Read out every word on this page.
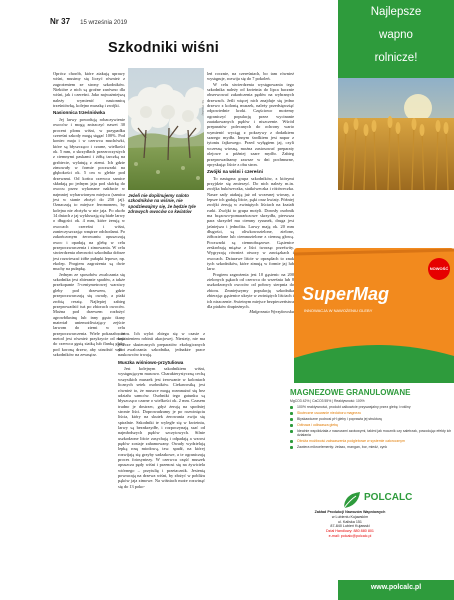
Nr 37 15 września 2019
Szkodniki wiśni

Oprócz chorób, które atakują uprawy wiśni, musimy się liczyć również z zagrożeniem ze strony szkodników. Niektóre z nich są groźne zarówno dla wiśni, jak i czereśni. Jako najważniejszą należy wymienić nasionnicę trześniówkę, kolejno muszkę i zwójki.

Nasionnica trześniówka

Jej larwy powodują robaczywienie owoców i mogą zniszczyć nawet 30 procent plonu wiśni, w przypadku czereśni szkody mogą sięgać 100%. Pod koniec maja i w czerwcu muchówki, które są błyszcząco i czarne, wielkości ok. 5 mm, o skrzydłach przezroczystych z ciemnymi paskami i żółtą tarczką na grzbiecie, wylatują z ziemi. Ich gdzie zimowały w formie poczwarki na głębokości ok. 5 cm w glebie pod drzewami. Od końca czerwca samice składają po jednym jaju pod skórkę do owocu przez wykonane nakłucie w najmniej wybarwionym miejscu (samica jest w stanie złożyć do 250 jaj). Oznaczają to miejsce feromonem, by kolejna nie złożyła w nie jaja. Po około 14 dniach z jaj wykluwają się białe larwy o długości ok. 4 mm, które żerują w owocach czereśni i wiśni, zanieczyszczając wnętrze odchodami. Po zakończonym żerowaniu opuszczają owoc i opadają na glebę w celu przepoczwarczenia i zimowania. W celu stwierdzenia obecności szkodnika dobrze jest rozwieszać żółte pułapki lepowe, np. ekolep. Progiem zagrożenia są dwie muchy na pułapkę.

Jednym ze sposobów zwalczania się szkodnika jest zbieranie spadów, a także przekopanie 5-centymetrowej warstwy gleby pod drzewem, gdzie przepoczwarczają się owady, a ptaki zrobią resztę. Najlepiej zabieg przeprowadzić tuż po zbiorach owoców. Można pod drzewem rozłożyć agrowłókninę lub inny gęsto tkany materiał uniemożliwiający zejście larwom do ziemi w celu przepoczwarczenia. Wiele pokazało, że metod jest również przykrycie od maja do czerwca gęstą siatką lub flanką gleby pod koroną drzew, aby utrudnić wylot szkodników na zewnątrz.

fot. Pixabay
Jeżeli nie dopilnujemy naloto szkodników na wiśnie, nie spodziewajmy się, że będzie tyle zdrowych owoców co kwiatów

wiatru. Ich wylot zbiega się w czasie z kwitnieniem robinii akacjowej. Niestety, nie ma jeszcze skutecznych preparatów ekologicznych do zwalczania szkodnika, jednakże prace naukowców trwają.

Muszka wiśniowo-przytuliowa

Jest kolejnym szkodnikiem wiśni, występującym masowo. Charakterystyczną cechą wszystkich muszek jest żerowanie w koloniach licznych setek osobników. Ciekawostką jest również to, że muszce mogą rozmnażać się bez udziału samców. Osobniki tego gatunku są błyszcząco czarne o wielkości ok. 2 mm. Czasem trudno je dostrzec, gdyż żerują na spodniej stronie liści. Doprowadzamy je po rozwinięciu liścia, który na skutek żerowania zwija się spiralnie. Szkodniki te wyległe się w kwietniu, larwy są beznkrzydłe, i rozpoczynają ssać od najmłodszych pędów szczytowych. Silnie uszkodzone liście zasychają i odpadają a wzrost pędów zostaje zahamowany. Owady wydzielają lepką rosę miodową, tzw. spadź, na której rozwijają się grzyby sadzakowe, a te ograniczają proces fotosyntezy. W czerwcu część muszek opuszcza pędy wiśni i przenosi się na żywiciela wtórnego – przytulię i przetacznik. Jesienią powracają na drzewa wiśni, by złożyć w pobliżu pąków jaja zimowe. Na wiśniach może rozwinąć się do 13 poko-

leń rocznie, na czereśniach, bo tam również występuje, rozwija się do 7 pokoleń.

W celu stwierdzenia występowania tego szkodnika należy od kwietnia do lipca bacznie obserwować zakończenia pędów na wybranych drzewach. Jeśli więcej nich znajduje się jedno drzewo z kolonią muszek, należy przedsięwziąć odpowiednie kroki. Częściowo możemy ograniczyć populację przez wycinanie zaatakowanych pędów i niszczenie. Wśród preparatów polecanych do ochrony warto wymienić wyciąg z pokrzywy z dodatkiem szarego mydła. Innym środkiem jest napar z tytoniu fajkowego. Przed wyłęgiem jaj, czyli wczesną wiosną, można zastosować preparaty olejowe a później szare mydło. Zabieg przeprowadzamy zawsze w dni pochmurne, opryskując liście z obu stron.

Zwójki na wiśni i czereśni

To następna grupa szkodników, z którymi przyjdzie się zmierzyć. Do nich należy m.in. zwójka bukóweczka, siatkóweczka i różóweczka. Nasze sady atakują już od wczesnej wiosny, a lepsze ich gadają liście, pąki oraz kwiaty. Później zwójki żerują w zwiniętych liściach na kształt rurki. Zwójki to grupa motyli. Dorosły osobnik ma brązowo-pomarańczowe skrzydła, pierwsza para skrzydeł ma ciemny rysunek, druga jest jaśniejsza i jednolita. Larwy mają ok. 20 mm długości, są oliwkowozielone, zielone, żółtozielone lub ciemnozielone z ciemną głową. Poczwarki są ciemnobrązowe. Gąsienice zeskrobują miąższ z liści tworząc prześwity. Wygryzają również otwory w zawiązkach i owocach. Dziurawe liście w oprzędach to znak tych szkodników, które zimują w formie jaj lub larw.

Progiem zagrożenia jest 10 gąsienic na 200 zielonych pąkach od czerwca do września lub 8 uszkodzonych owoców od połowy sierpnia do zbioru. Zmniejszymy populację szkodnika zbierając gąsienice ukryte w zwiniętych liściach i ich niszczenie. Swietnym miejsce bezpieczeństwa dla ptaków drapieżnych.

Małgorzata Wyrzykowska

Najlepsze
wapno
rolnicze!
SuperMag
INNOWACJA W NAWOŻENIU GLEBY
NOWOŚĆ
MAGNEZOWE GRANULOWANE
MgCO3 42% | CaCO3 55% | Reaktywność: 100%
100% reaktywności, produkt całkowicie przyswajalny przez glebę i rośliny
Skuteczne usuwanie niedoboru magnezu
Błyskawiczne podnosi pH gleby i poprawia jej strukturę
Odtruwa i odkwasza glebę
Idealnie współdziała z nawozami azotowymi, takimi jak mocznik czy saletrzak, powodując efekty ich działania
Obniża możliwość zakwaszenia podglebowe w systemie całorocznym
Zawiera mikroelementy: żelazo, mangan, bor, miedź, cynk
POLCALC
Zakład Produkcji Nawozów Wapniowych
w Lubieniu Kujawskim
ul. Kaliska 151
87-840 Lubień Kujawski
Dział Handlowy: 880 880 801
e-mail: polcalc@polcalc.pl
www.polcalc.pl
